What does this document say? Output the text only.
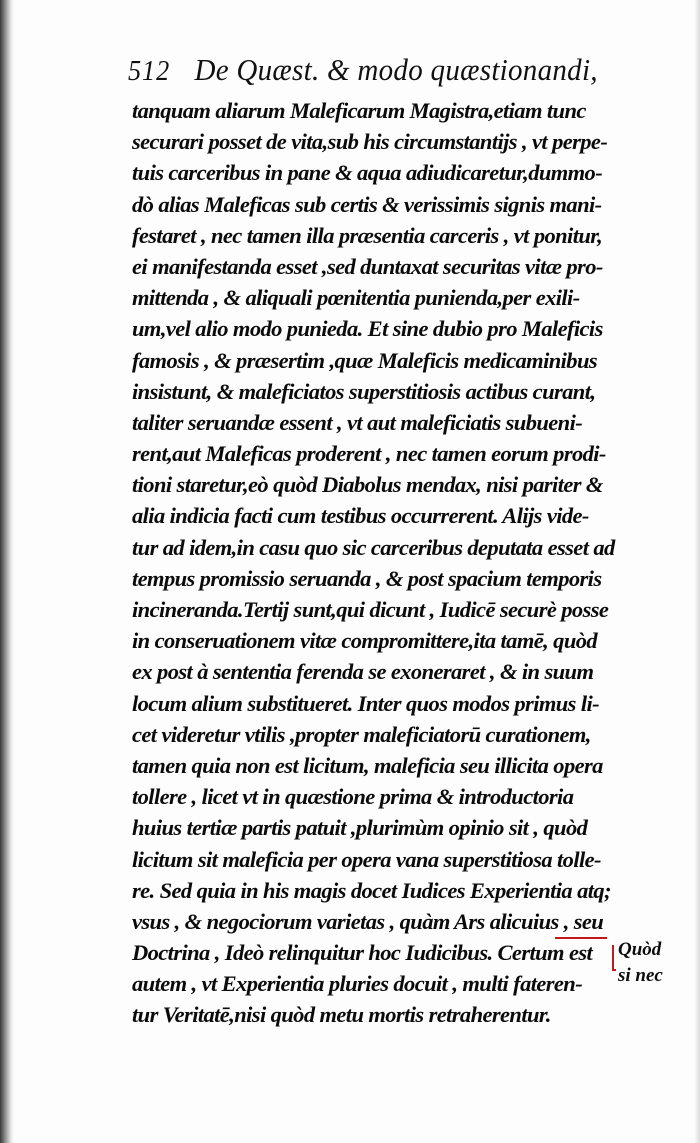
512 De Quæst. & modo quæstionandi,
tanquam aliarum Maleficarum Magistra,etiam tunc
securari posset de vita,sub his circumstantijs , vt perpe-
tuis carceribus in pane & aqua adiudicaretur,dummo-
dò alias Maleficas sub certis & verissimis signis mani-
festaret , nec tamen illa præsentia carceris , vt ponitur,
ei manifestanda esset ,sed duntaxat securitas vitæ pro-
mittenda , & aliquali pœnitentia punienda,per exili-
um,vel alio modo punieda. Et sine dubio pro Maleficis
famosis , & præsertim ,quæ Maleficis medicaminibus
insistunt, & maleficiatos superstitiosis actibus curant,
taliter seruandæ essent , vt aut maleficiatis subueni-
rent,aut Maleficas proderent , nec tamen eorum prodi-
tioni staretur,eò quòd Diabolus mendax, nisi pariter &
alia indicia facti cum testibus occurrerent. Alijs vide-
tur ad idem,in casu quo sic carceribus deputata esset ad
tempus promissio seruanda , & post spacium temporis
incineranda.Tertij sunt,qui dicunt , Iudicē securè posse
in conseruationem vitæ compromittere,ita tamē, quòd
ex post à sententia ferenda se exoneraret , & in suum
locum alium substitueret. Inter quos modos primus li-
cet videretur vtilis ,propter maleficiatorū curationem,
tamen quia non est licitum, maleficia seu illicita opera
tollere , licet vt in quæstione prima & introductoria
huius tertiæ partis patuit ,plurimùm opinio sit , quòd
licitum sit maleficia per opera vana superstitiosa tolle-
re. Sed quia in his magis docet Iudices Experientia atq;
vsus , & negociorum varietas , quàm Ars alicuius , seu
Doctrina , Ideò relinquitur hoc Iudicibus. Certum est
autem , vt Experientia pluries docuit , multi fateren-
tur Veritatē,nisi quòd metu mortis retraherentur.
Quòd
si nec
